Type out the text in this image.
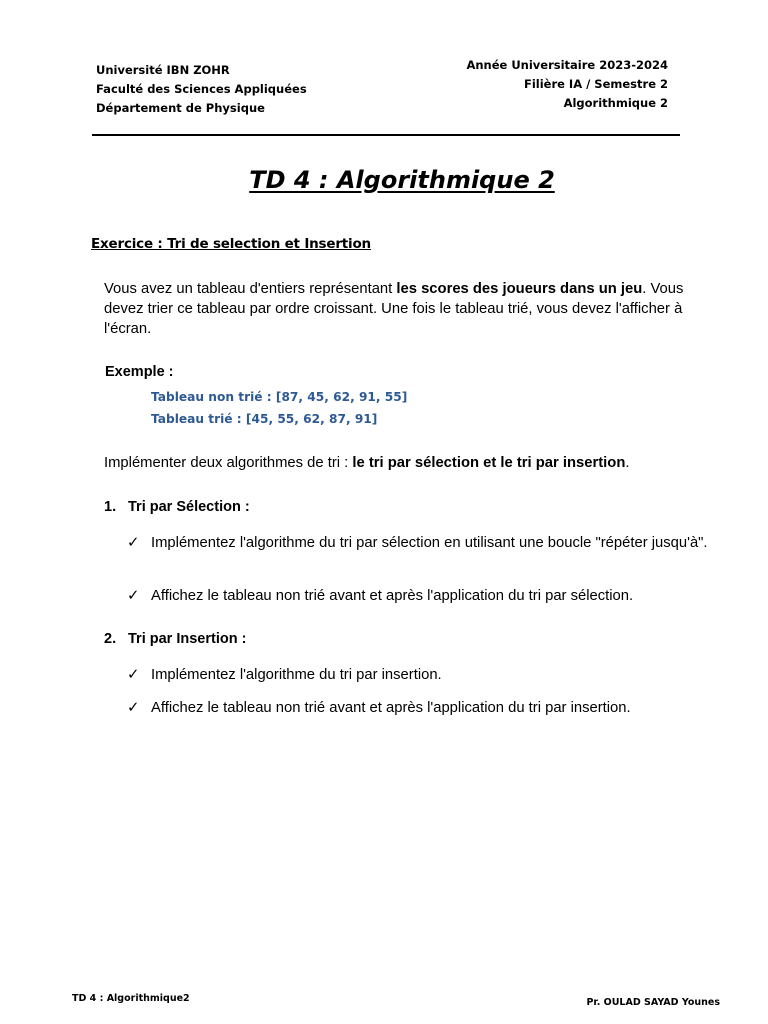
Université IBN ZOHR
Faculté des Sciences Appliquées
Département de Physique
Année Universitaire 2023-2024
Filière IA / Semestre 2
Algorithmique 2
TD 4 : Algorithmique 2
Exercice : Tri de selection et Insertion
Vous avez un tableau d'entiers représentant les scores des joueurs dans un jeu. Vous devez trier ce tableau par ordre croissant. Une fois le tableau trié, vous devez l'afficher à l'écran.
Exemple :
Tableau non trié : [87, 45, 62, 91, 55]
Tableau trié : [45, 55, 62, 87, 91]
Implémenter deux algorithmes de tri : le tri par sélection et le tri par insertion.
1. Tri par Sélection :
✓ Implémentez l'algorithme du tri par sélection en utilisant une boucle "répéter jusqu'à".
✓ Affichez le tableau non trié avant et après l'application du tri par sélection.
2. Tri par Insertion :
✓ Implémentez l'algorithme du tri par insertion.
✓ Affichez le tableau non trié avant et après l'application du tri par insertion.
TD 4 : Algorithmique2	Pr. OULAD SAYAD Younes
